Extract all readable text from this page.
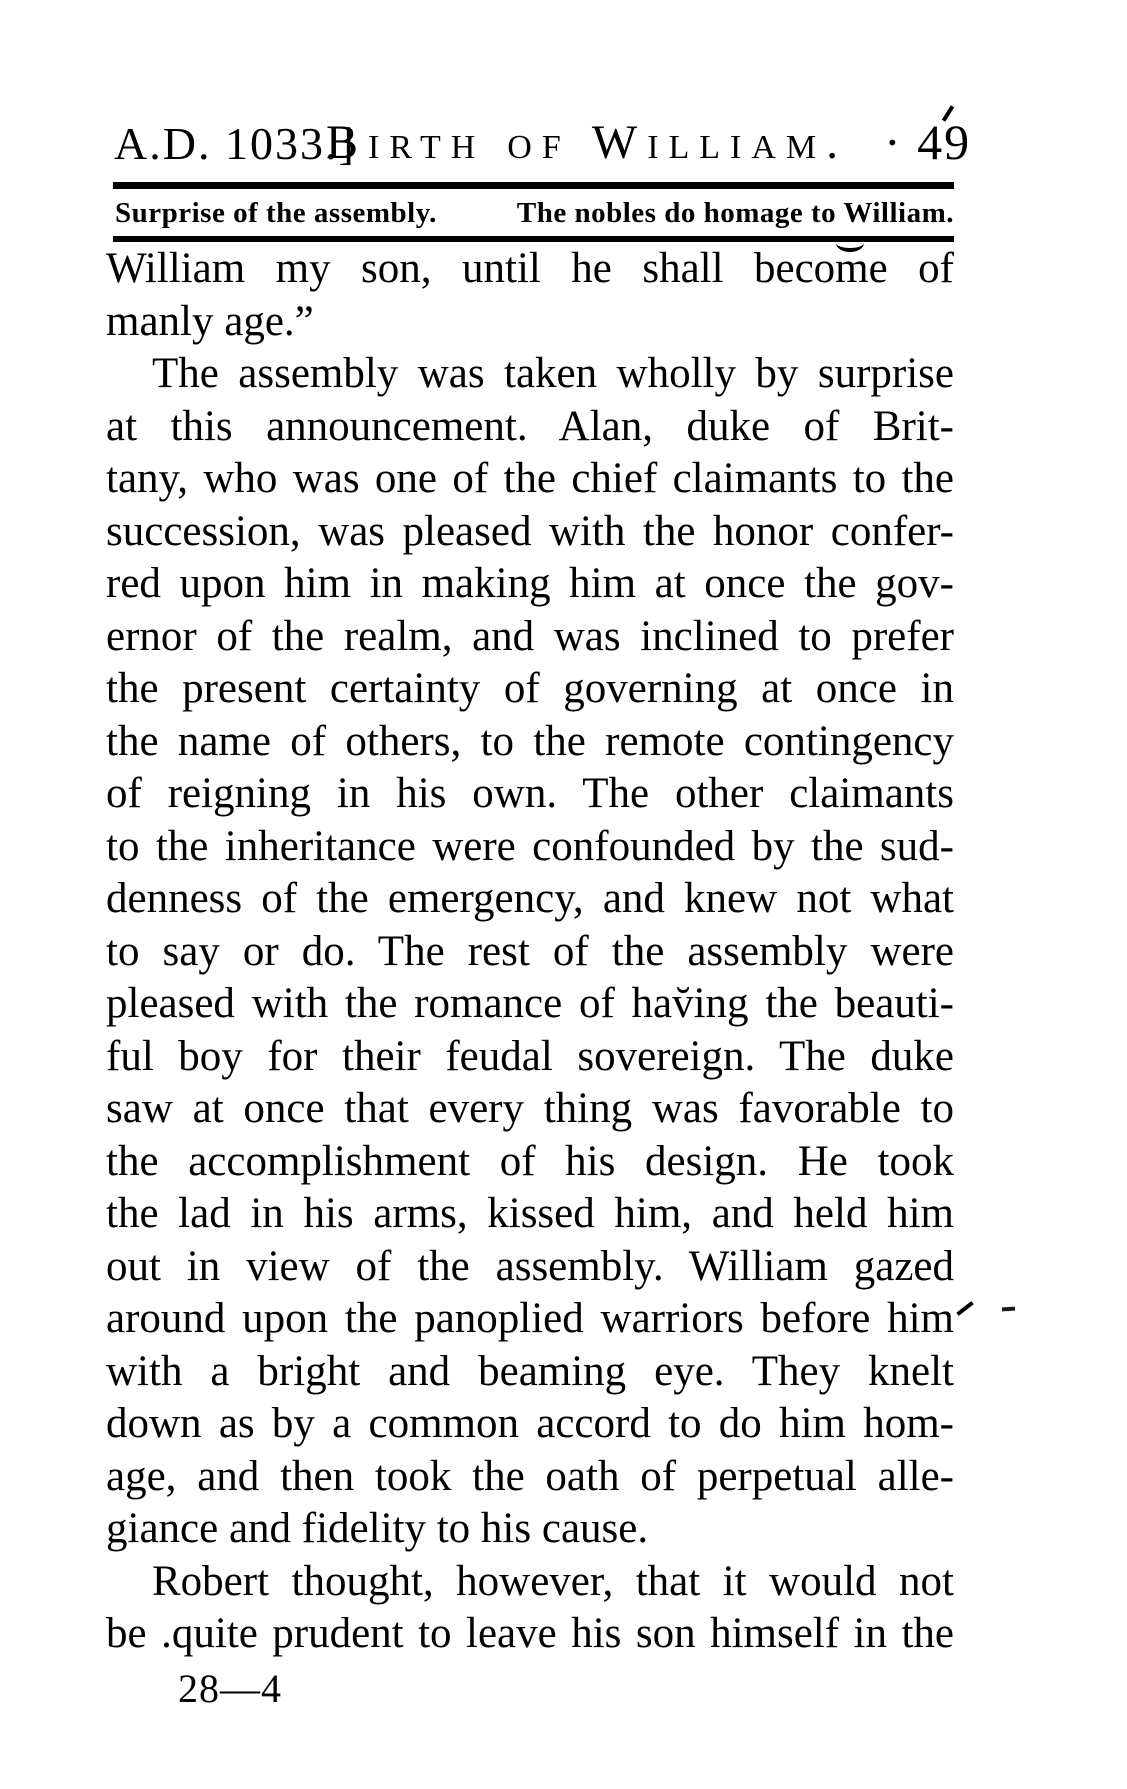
A.D. 1033.]
Birth of William. · 49
Surprise of the assembly.	The nobles do homage to William.
William my son, until he shall become of
manly age.”
The assembly was taken wholly by surprise
at this announcement. Alan, duke of Brit-
tany, who was one of the chief claimants to the
succession, was pleased with the honor confer-
red upon him in making him at once the gov-
ernor of the realm, and was inclined to prefer
the present certainty of governing at once in
the name of others, to the remote contingency
of reigning in his own. The other claimants
to the inheritance were confounded by the sud-
denness of the emergency, and knew not what
to say or do. The rest of the assembly were
pleased with the romance of hav̆ing the beauti-
ful boy for their feudal sovereign. The duke
saw at once that every thing was favorable to
the accomplishment of his design. He took
the lad in his arms, kissed him, and held him
out in view of the assembly. William gazed
around upon the panoplied warriors before him
with a bright and beaming eye. They knelt
down as by a common accord to do him hom-
age, and then took the oath of perpetual alle-
giance and fidelity to his cause.
Robert thought, however, that it would not
be .quite prudent to leave his son himself in the
28—4
